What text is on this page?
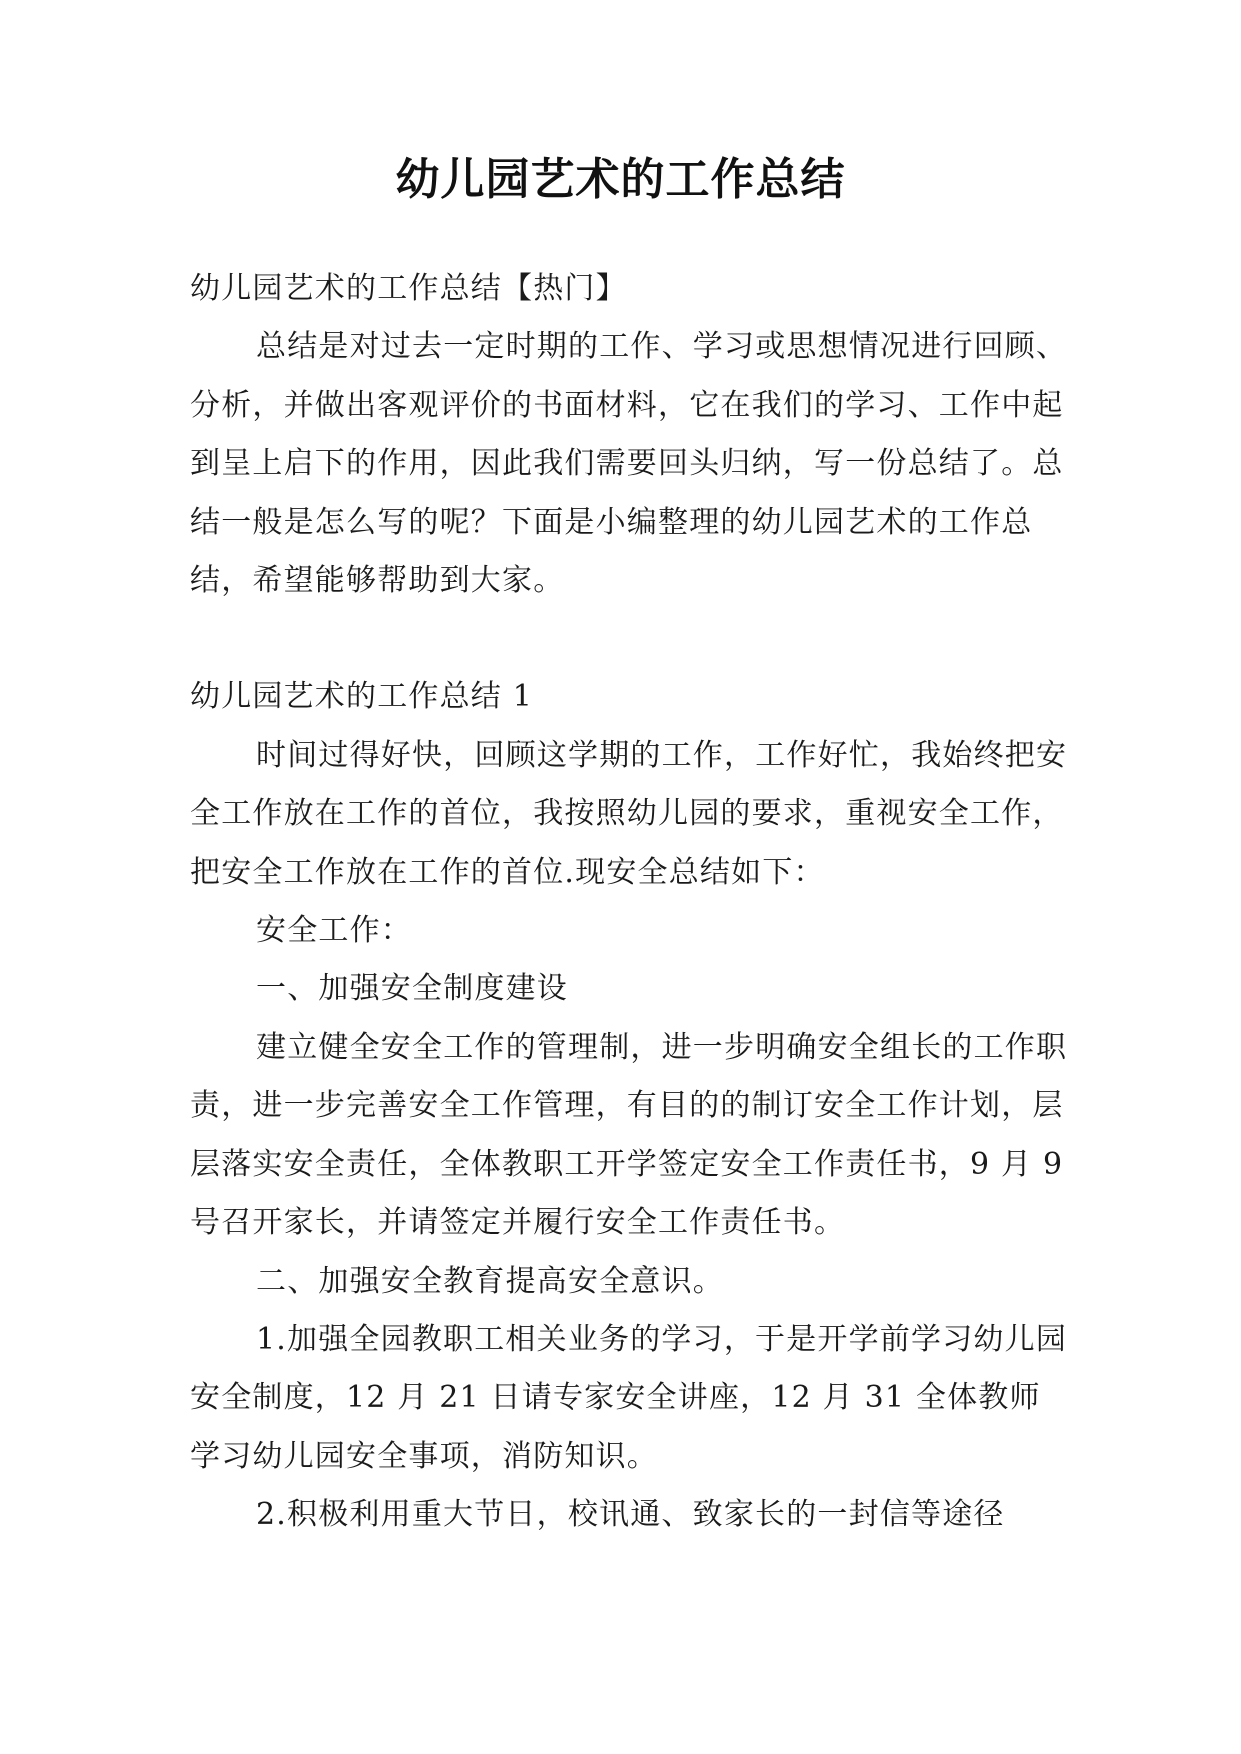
幼儿园艺术的工作总结

幼儿园艺术的工作总结【热门】

总结是对过去一定时期的工作、学习或思想情况进行回顾、分析，并做出客观评价的书面材料，它在我们的学习、工作中起到呈上启下的作用，因此我们需要回头归纳，写一份总结了。总结一般是怎么写的呢？下面是小编整理的幼儿园艺术的工作总结，希望能够帮助到大家。

幼儿园艺术的工作总结 1

时间过得好快，回顾这学期的工作，工作好忙，我始终把安全工作放在工作的首位，我按照幼儿园的要求，重视安全工作，把安全工作放在工作的首位.现安全总结如下：

安全工作：

一、加强安全制度建设

建立健全安全工作的管理制，进一步明确安全组长的工作职责，进一步完善安全工作管理，有目的的制订安全工作计划，层层落实安全责任，全体教职工开学签定安全工作责任书，9 月 9 号召开家长，并请签定并履行安全工作责任书。

二、加强安全教育提高安全意识。

1.加强全园教职工相关业务的学习，于是开学前学习幼儿园安全制度，12 月 21 日请专家安全讲座，12 月 31 全体教师学习幼儿园安全事项，消防知识。

2.积极利用重大节日，校讯通、致家长的一封信等途径
